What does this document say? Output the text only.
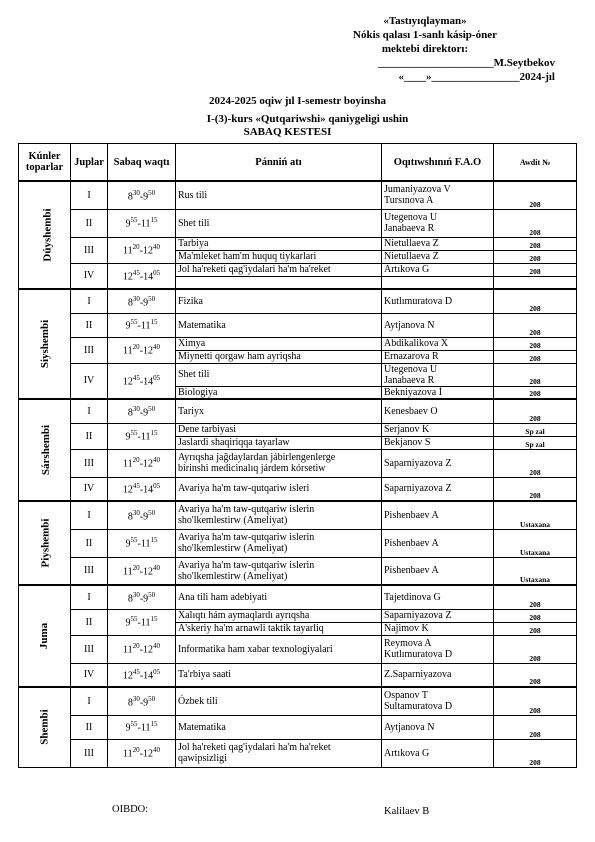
«Tastıyıqlayman»
Nókis qalası 1-sanlı kásip-óner
mektebi direktorı:
_____________________M.Seytbekov
«____»________________2024-jıl
2024-2025 oqiw jıl I-semestr boyinsha
I-(3)-kurs «Qutqariwshi» qaniygeligi ushin
SABAQ KESTESI
Kúnler toparlar	Juplar	Sabaq waqtı	Pánniń atı	Oqıtıwshınıń F.A.O	Awdit №
Dúyshembi	I	$8^{30}-9^{50}$	Rus tili	Jumaniyazova V
Tursınova A	208
	II	$9^{55}-11^{15}$	Shet tili	Utegenova U
Janabaeva R	208
	III	$11^{20}-12^{40}$	Tarbiya	Nietullaeva Z	208
			Ma'mleket ham'm huquq tiykarlari	Nietullaeva Z	208
	IV	$12^{45}-14^{05}$	Jol ha'reketi qag'iydalari ha'm ha'reket	Artıkova G	208

Siyshembi	I	$8^{30}-9^{50}$	Fizika	Kutlımuratova D	208
	II	$9^{55}-11^{15}$	Matematika	Aytjanova N	208
	III	$11^{20}-12^{40}$	Ximya	Abdikalikova X	208
			Miynetti qorgaw ham ayriqsha	Ernazarova R	208
	IV	$12^{45}-14^{05}$	Shet tili	Utegenova U
Janabaeva R	208
			Biologiya	Bekniyazova İ	208
Sárshembi	I	$8^{30}-9^{50}$	Tariyx	Kenesbaev O	208
	II	$9^{55}-11^{15}$	Dene tarbiyasi	Serjanov K	Sp zal
			Jaslardi shaqiriqqa tayarlaw	Bekjanov S	Sp zal
	III	$11^{20}-12^{40}$	Ayrıqsha jağdaylardan jábirlengenlerge
birinshi medicinalıq járdem kórsetiw	Saparniyazova Z	208
	IV	$12^{45}-14^{05}$	Avariya ha'm taw-qutqariw isleri	Saparniyazova Z	208
Piyshembi	I	$8^{30}-9^{50}$	Avariya ha'm taw-qutqariw islerin
sho'lkemlestirw (Ameliyat)	Pishenbaev A	Ustaxana
	II	$9^{55}-11^{15}$	Avariya ha'm taw-qutqariw islerin
sho'lkemlestirw (Ameliyat)	Pishenbaev A	Ustaxana
	III	$11^{20}-12^{40}$	Avariya ha'm taw-qutqariw islerin
sho'lkemlestirw (Ameliyat)	Pishenbaev A	Ustaxana
Juma	I	$8^{30}-9^{50}$	Ana tili ham adebiyati	Tajetdinova G	208
	II	$9^{55}-11^{15}$	Xalıqtı hám aymaqlardı ayrıqsha	Saparniyazova Z	208
			A'skeriy ha'm arnawli taktik tayarliq	Najimov K	208
	III	$11^{20}-12^{40}$	Informatika ham xabar texnologiyalari	Reymova A
Kutlımuratova D	208
	IV	$12^{45}-14^{05}$	Ta'rbiya saati	Z.Saparniyazova	208
Shembi	I	$8^{30}-9^{50}$	Ózbek tili	Ospanov T
Sultamuratova D	208
	II	$9^{55}-11^{15}$	Matematika	Aytjanova N	208
	III	$11^{20}-12^{40}$	Jol ha'reketi qag'iydalari ha'm ha'reket
qawipsizligi	Artıkova G	208
OIBDO:	Kalilaev B
